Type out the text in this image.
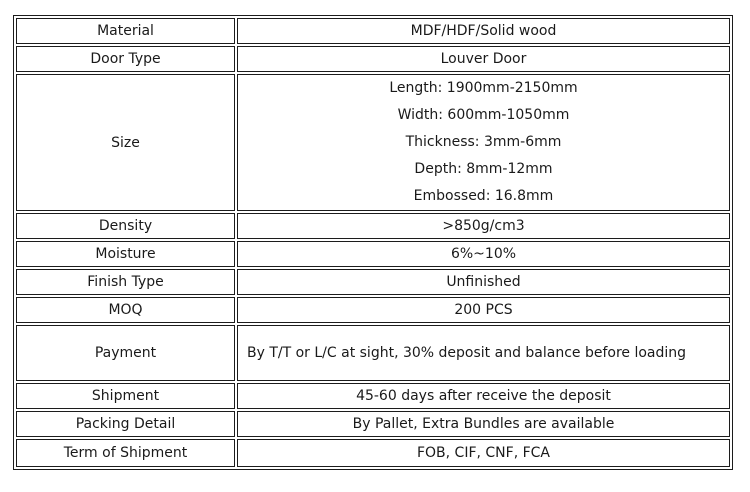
Material	MDF/HDF/Solid wood
Door Type	Louver Door
Size	Length: 1900mm-2150mm
Width: 600mm-1050mm
Thickness: 3mm-6mm
Depth: 8mm-12mm
Embossed: 16.8mm

Density	>850g/cm3
Moisture	6%~10%
Finish Type	Unfinished
MOQ	200 PCS
Payment	By T/T or L/C at sight, 30% deposit and balance before loading
Shipment	45-60 days after receive the deposit
Packing Detail	By Pallet, Extra Bundles are available
Term of Shipment	FOB, CIF, CNF, FCA
